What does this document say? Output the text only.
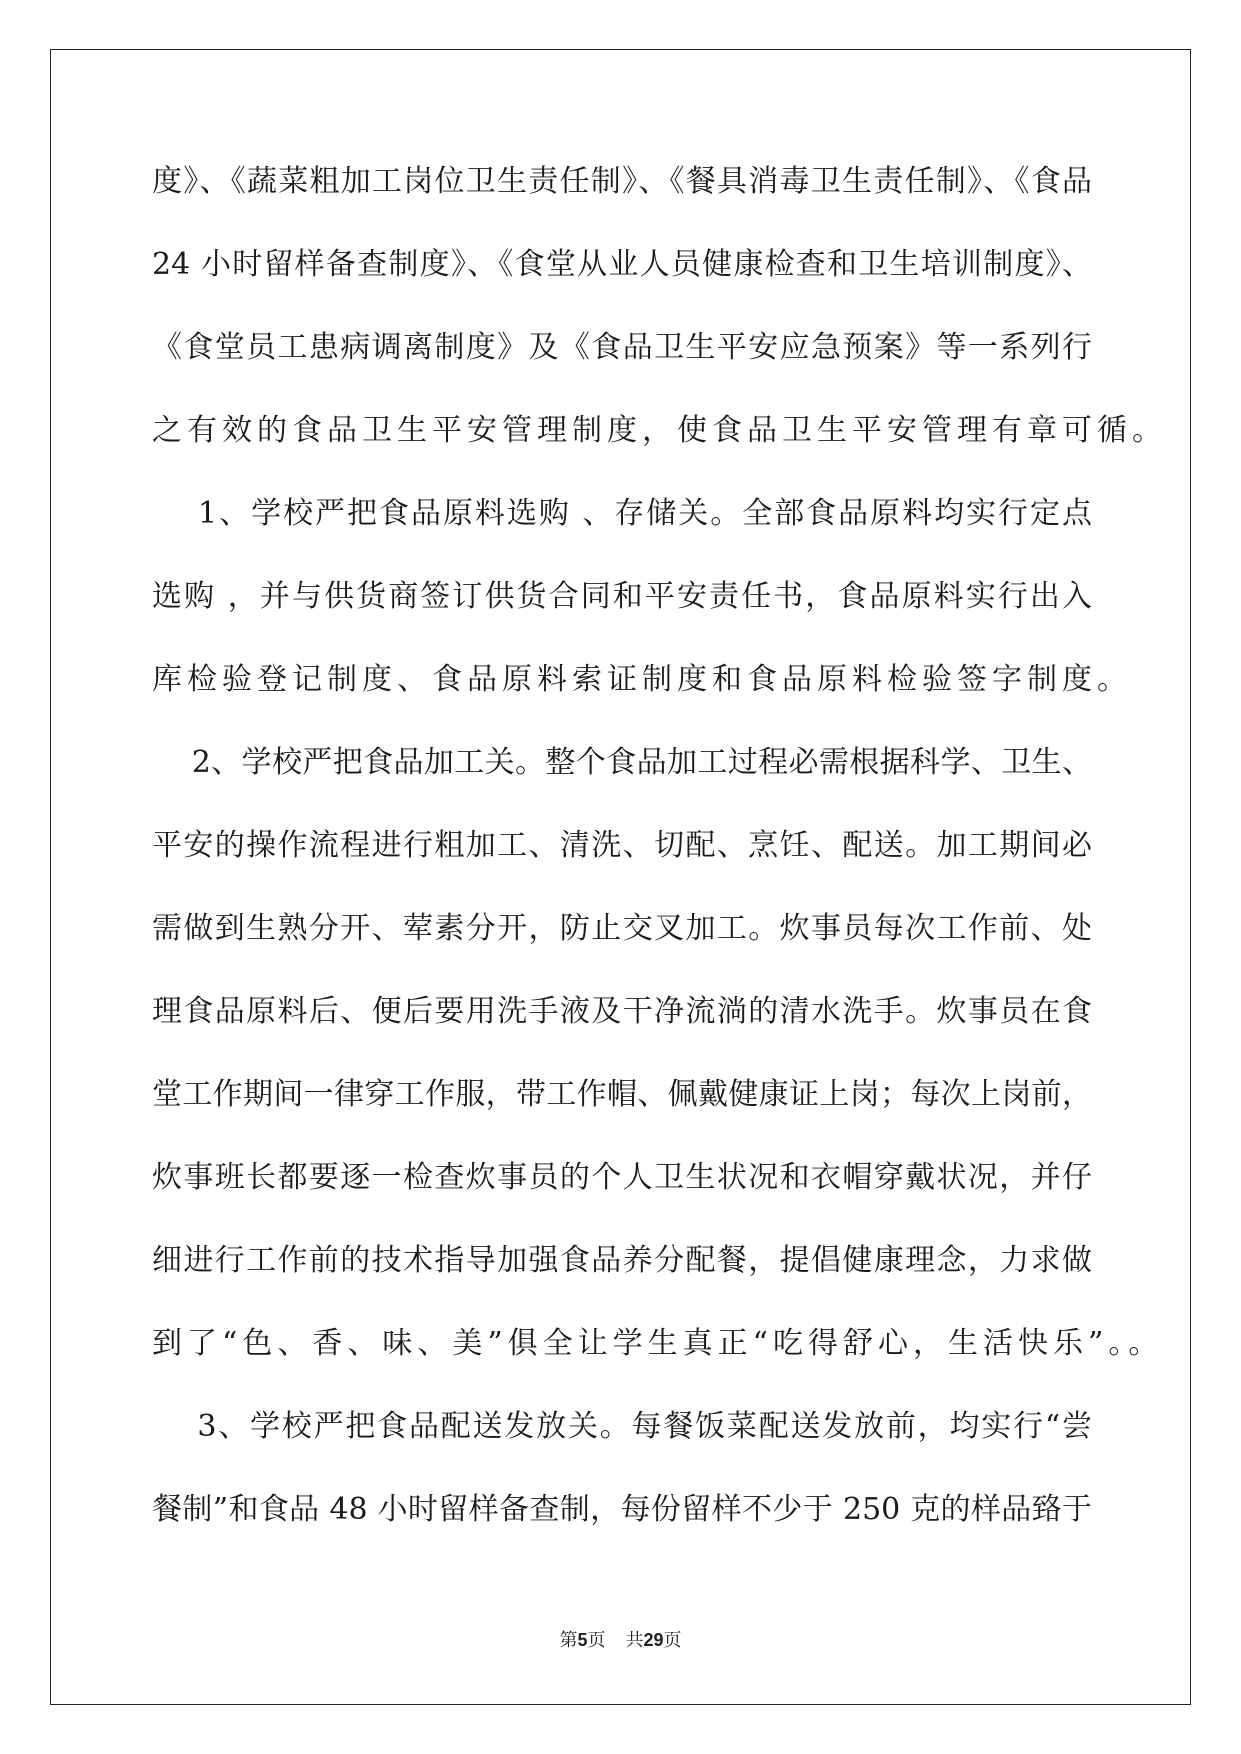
度》、《蔬菜粗加工岗位卫生责任制》、《餐具消毒卫生责任制》、《食品
24 小时留样备查制度》、《食堂从业人员健康检查和卫生培训制度》、
《食堂员工患病调离制度》及《食品卫生平安应急预案》等一系列行
之有效的食品卫生平安管理制度，使食品卫生平安管理有章可循。
1、学校严把食品原料选购 、存储关。全部食品原料均实行定点
选购 ，并与供货商签订供货合同和平安责任书，食品原料实行出入
库检验登记制度、食品原料索证制度和食品原料检验签字制度。
2、学校严把食品加工关。整个食品加工过程必需根据科学、卫生、
平安的操作流程进行粗加工、清洗、切配、烹饪、配送。加工期间必
需做到生熟分开、荤素分开，防止交叉加工。炊事员每次工作前、处
理食品原料后、便后要用洗手液及干净流淌的清水洗手。炊事员在食
堂工作期间一律穿工作服，带工作帽、佩戴健康证上岗；每次上岗前，
炊事班长都要逐一检查炊事员的个人卫生状况和衣帽穿戴状况，并仔
细进行工作前的技术指导加强食品养分配餐，提倡健康理念，力求做
到了“色、香、味、美”俱全让学生真正“吃得舒心，生活快乐”。。
3、学校严把食品配送发放关。每餐饭菜配送发放前，均实行“尝
餐制”和食品 48 小时留样备查制，每份留样不少于 250 克的样品臵于
第5页 共29页
